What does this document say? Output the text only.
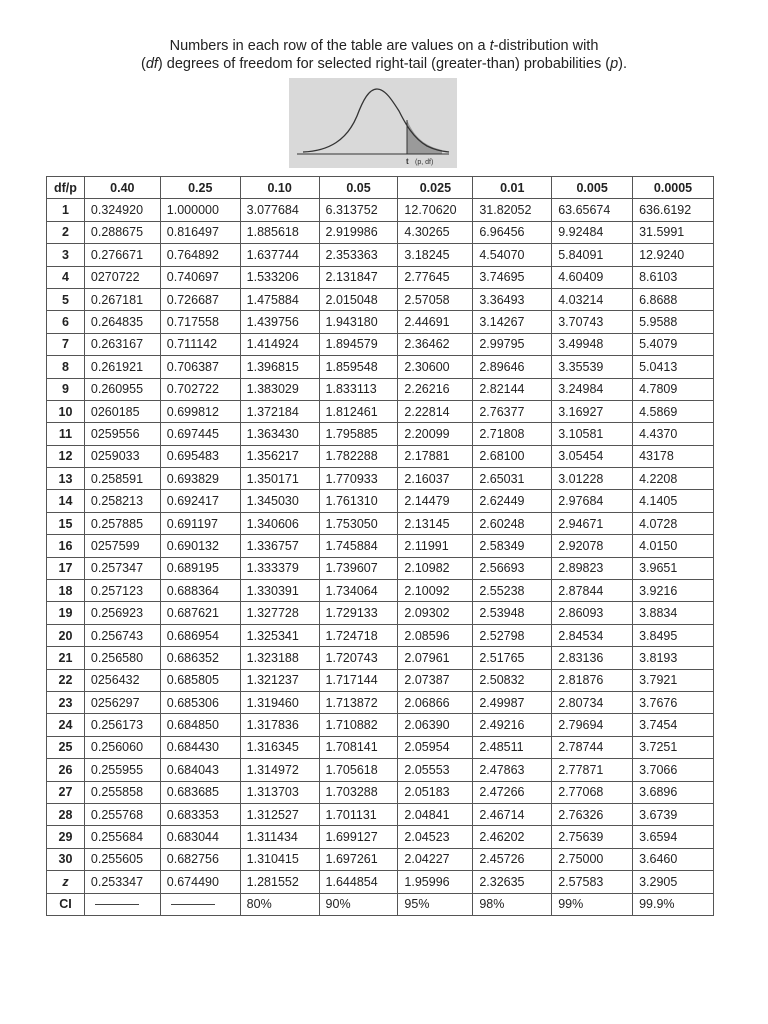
Numbers in each row of the table are values on a t-distribution with
(df) degrees of freedom for selected right-tail (greater-than) probabilities (p).
t (p, df)
df/p	0.40	0.25	0.10	0.05	0.025	0.01	0.005	0.0005
1	0.324920	1.000000	3.077684	6.313752	12.70620	31.82052	63.65674	636.6192
2	0.288675	0.816497	1.885618	2.919986	4.30265	6.96456	9.92484	31.5991
3	0.276671	0.764892	1.637744	2.353363	3.18245	4.54070	5.84091	12.9240
4	0270722	0.740697	1.533206	2.131847	2.77645	3.74695	4.60409	8.6103
5	0.267181	0.726687	1.475884	2.015048	2.57058	3.36493	4.03214	6.8688
6	0.264835	0.717558	1.439756	1.943180	2.44691	3.14267	3.70743	5.9588
7	0.263167	0.711142	1.414924	1.894579	2.36462	2.99795	3.49948	5.4079
8	0.261921	0.706387	1.396815	1.859548	2.30600	2.89646	3.35539	5.0413
9	0.260955	0.702722	1.383029	1.833113	2.26216	2.82144	3.24984	4.7809
10	0260185	0.699812	1.372184	1.812461	2.22814	2.76377	3.16927	4.5869
11	0259556	0.697445	1.363430	1.795885	2.20099	2.71808	3.10581	4.4370
12	0259033	0.695483	1.356217	1.782288	2.17881	2.68100	3.05454	43178
13	0.258591	0.693829	1.350171	1.770933	2.16037	2.65031	3.01228	4.2208
14	0.258213	0.692417	1.345030	1.761310	2.14479	2.62449	2.97684	4.1405
15	0.257885	0.691197	1.340606	1.753050	2.13145	2.60248	2.94671	4.0728
16	0257599	0.690132	1.336757	1.745884	2.11991	2.58349	2.92078	4.0150
17	0.257347	0.689195	1.333379	1.739607	2.10982	2.56693	2.89823	3.9651
18	0.257123	0.688364	1.330391	1.734064	2.10092	2.55238	2.87844	3.9216
19	0.256923	0.687621	1.327728	1.729133	2.09302	2.53948	2.86093	3.8834
20	0.256743	0.686954	1.325341	1.724718	2.08596	2.52798	2.84534	3.8495
21	0.256580	0.686352	1.323188	1.720743	2.07961	2.51765	2.83136	3.8193
22	0256432	0.685805	1.321237	1.717144	2.07387	2.50832	2.81876	3.7921
23	0256297	0.685306	1.319460	1.713872	2.06866	2.49987	2.80734	3.7676
24	0.256173	0.684850	1.317836	1.710882	2.06390	2.49216	2.79694	3.7454
25	0.256060	0.684430	1.316345	1.708141	2.05954	2.48511	2.78744	3.7251
26	0.255955	0.684043	1.314972	1.705618	2.05553	2.47863	2.77871	3.7066
27	0.255858	0.683685	1.313703	1.703288	2.05183	2.47266	2.77068	3.6896
28	0.255768	0.683353	1.312527	1.701131	2.04841	2.46714	2.76326	3.6739
29	0.255684	0.683044	1.311434	1.699127	2.04523	2.46202	2.75639	3.6594
30	0.255605	0.682756	1.310415	1.697261	2.04227	2.45726	2.75000	3.6460
z	0.253347	0.674490	1.281552	1.644854	1.95996	2.32635	2.57583	3.2905
CI			80%	90%	95%	98%	99%	99.9%
